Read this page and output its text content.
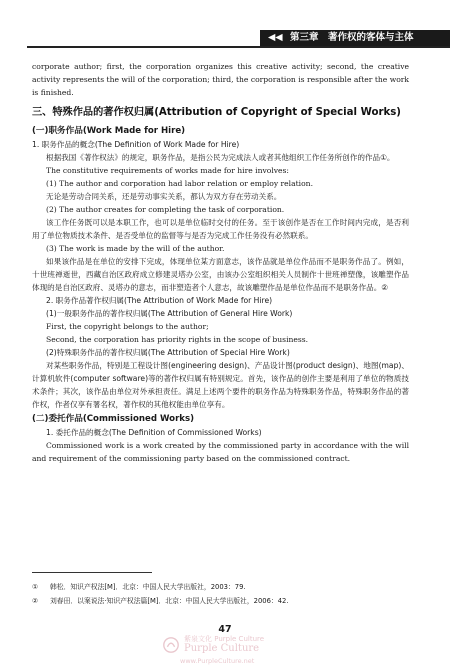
◀◀ 第三章　著作权的客体与主体

corporate author; first, the corporation organizes this creative activity; second, the creative activity represents the will of the corporation; third, the corporation is responsible after the work is finished.

三、特殊作品的著作权归属(Attribution of Copyright of Special Works)
(一)职务作品(Work Made for Hire)

1. 职务作品的概念(The Definition of Work Made for Hire)

根据我国《著作权法》的规定，职务作品，是指公民为完成法人或者其他组织工作任务所创作的作品①。

The constitutive requirements of works made for hire involves:

(1) The author and corporation had labor relation or employ relation.

无论是劳动合同关系，还是劳动事实关系，都认为双方存在劳动关系。

(2) The author creates for completing the task of corporation.

该工作任务既可以是本职工作，也可以是单位临时交付的任务。至于该创作是否在工作时间内完成，是否利用了单位物质技术条件、是否受单位的监督等与是否为完成工作任务没有必然联系。

(3) The work is made by the will of the author.

如果该作品是在单位的安排下完成，体现单位某方面意志，该作品就是单位作品而不是职务作品了。例如，十世班禅逝世，西藏自治区政府成立修建灵塔办公室，由该办公室组织相关人员制作十世班禅塑像，该雕塑作品体现的是自治区政府、灵塔办的意志，而非塑造者个人意志，故该雕塑作品是单位作品而不是职务作品。②

2. 职务作品著作权归属(The Attribution of Work Made for Hire)

(1)一般职务作品的著作权归属(The Attribution of General Hire Work)

First, the copyright belongs to the author;

Second, the corporation has priority rights in the scope of business.

(2)特殊职务作品的著作权归属(The Attribution of Special Hire Work)

对某些职务作品，特别是工程设计图(engineering design)、产品设计图(product design)、地图(map)、计算机软件(computer software)等的著作权归属有特别规定。首先，该作品的创作主要是利用了单位的物质技术条件；其次，该作品由单位对外承担责任。满足上述两个要件的职务作品为特殊职务作品，特殊职务作品的著作权，作者仅享有署名权，著作权的其他权能由单位享有。

(二)委托作品(Commissioned Works)

1. 委托作品的概念(The Definition of Commissioned Works)

Commissioned work is a work created by the commissioned party in accordance with the will and requirement of the commissioning party based on the commissioned contract.

① 韩松．知识产权法[M]．北京：中国人民大学出版社，2003：79.

② 刘春田．以案说法·知识产权法篇[M]．北京：中国人民大学出版社，2006：42.

47
紫泉文化 Purple Culture
Purple Culture
www.PurpleCulture.net
